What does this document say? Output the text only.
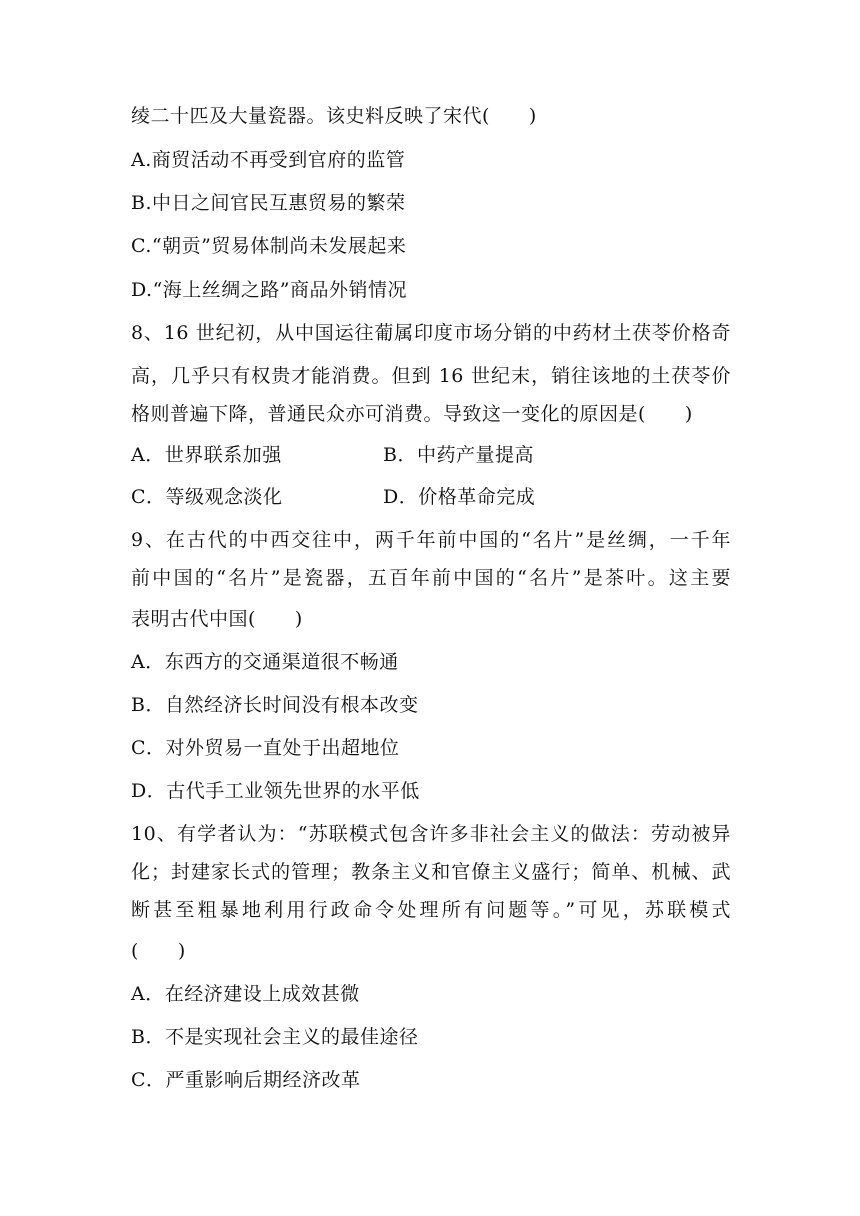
绫二十匹及大量瓷器。该史料反映了宋代(　　)
A.商贸活动不再受到官府的监管
B.中日之间官民互惠贸易的繁荣
C.“朝贡”贸易体制尚未发展起来
D.“海上丝绸之路”商品外销情况
8、16 世纪初，从中国运往葡属印度市场分销的中药材土茯苓价格奇
高，几乎只有权贵才能消费。但到 16 世纪末，销往该地的土茯苓价
格则普遍下降，普通民众亦可消费。导致这一变化的原因是(　　)
A．世界联系加强	B．中药产量提高
C．等级观念淡化	D．价格革命完成
9、在古代的中西交往中，两千年前中国的“名片”是丝绸，一千年
前中国的“名片”是瓷器，五百年前中国的“名片”是茶叶。这主要
表明古代中国(　　)
A．东西方的交通渠道很不畅通
B．自然经济长时间没有根本改变
C．对外贸易一直处于出超地位
D．古代手工业领先世界的水平低
10、有学者认为：“苏联模式包含许多非社会主义的做法：劳动被异
化；封建家长式的管理；教条主义和官僚主义盛行；简单、机械、武
断甚至粗暴地利用行政命令处理所有问题等。”可见，苏联模式
(　　)
A．在经济建设上成效甚微
B．不是实现社会主义的最佳途径
C．严重影响后期经济改革
